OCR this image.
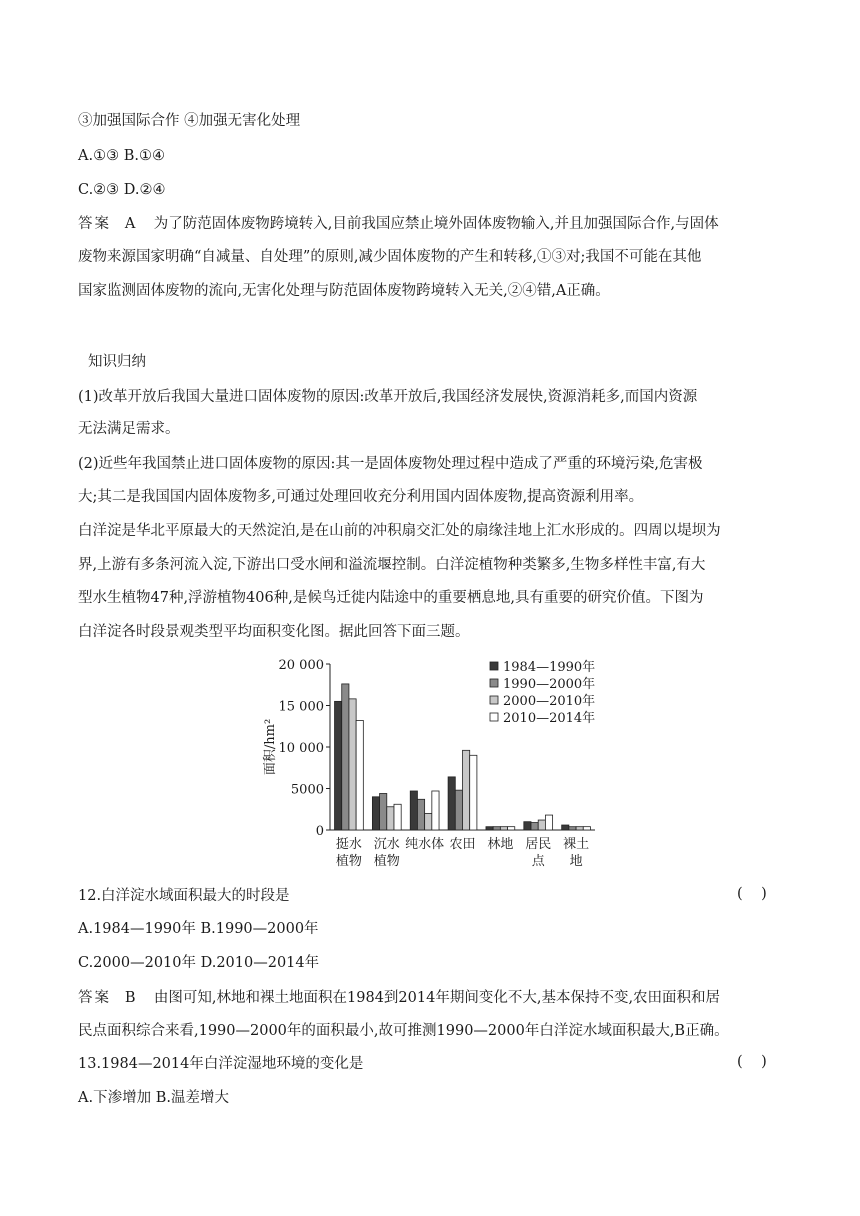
③加强国际合作 ④加强无害化处理
A.①③ B.①④
C.②③ D.②④
答案 A 为了防范固体废物跨境转入,目前我国应禁止境外固体废物输入,并且加强国际合作,与固体
废物来源国家明确“自减量、自处理”的原则,减少固体废物的产生和转移,①③对;我国不可能在其他
国家监测固体废物的流向,无害化处理与防范固体废物跨境转入无关,②④错,A正确。
知识归纳
(1)改革开放后我国大量进口固体废物的原因:改革开放后,我国经济发展快,资源消耗多,而国内资源
无法满足需求。
(2)近些年我国禁止进口固体废物的原因:其一是固体废物处理过程中造成了严重的环境污染,危害极
大;其二是我国国内固体废物多,可通过处理回收充分利用国内固体废物,提高资源利用率。
白洋淀是华北平原最大的天然淀泊,是在山前的冲积扇交汇处的扇缘洼地上汇水形成的。四周以堤坝为
界,上游有多条河流入淀,下游出口受水闸和溢流堰控制。白洋淀植物种类繁多,生物多样性丰富,有大
型水生植物47种,浮游植物406种,是候鸟迁徙内陆途中的重要栖息地,具有重要的研究价值。下图为
白洋淀各时段景观类型平均面积变化图。据此回答下面三题。
面积/hm²
0
5000
10 000
15 000
20 000
挺水
植物
沉水
植物
纯水体 农田 林地 居民
点
裸土
地
1984—1990年
1990—2000年
2000—2010年
2010—2014年
12.白洋淀水域面积最大的时段是	(    )
A.1984—1990年 B.1990—2000年
C.2000—2010年 D.2010—2014年
答案 B 由图可知,林地和裸土地面积在1984到2014年期间变化不大,基本保持不变,农田面积和居
民点面积综合来看,1990—2000年的面积最小,故可推测1990—2000年白洋淀水域面积最大,B正确。
13.1984—2014年白洋淀湿地环境的变化是	(    )
A.下渗增加 B.温差增大
